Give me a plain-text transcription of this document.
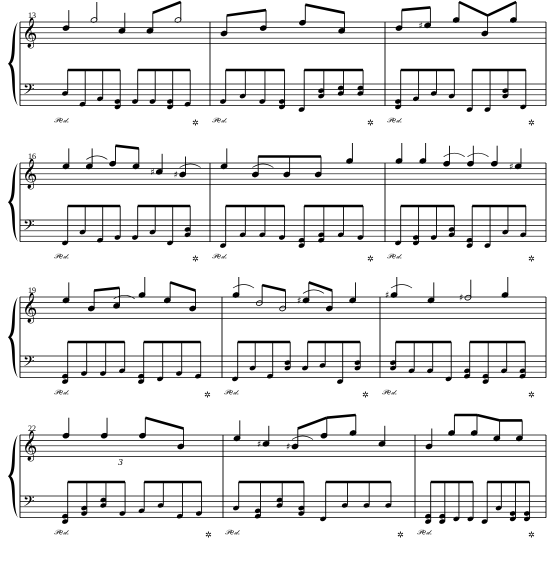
13
𝄞
𝄢
𝒫𝑒𝒹.	✲ 𝒫𝑒𝒹.	✲
♯
𝒫𝑒𝒹.	✲
16
𝄞
𝄢
♯ ♯
𝒫𝑒𝒹.	✲ 𝒫𝑒𝒹.	✲
♯
𝒫𝑒𝒹.	✲
19
𝄞
𝄢
𝒫𝑒𝒹.	✲
♯
𝒫𝑒𝒹.	✲
♯	♯
𝒫𝑒𝒹.	✲
22
𝄞
𝄢
𝒫𝑒𝒹.	✲
♯	♯
𝒫𝑒𝒹.	✲ 𝒫𝑒𝒹.	✲
3
